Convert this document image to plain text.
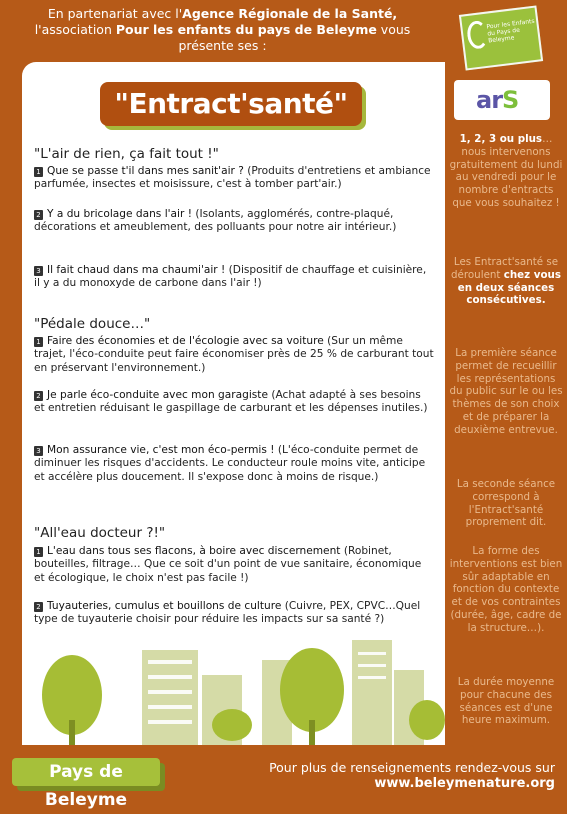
En partenariat avec l'Agence Régionale de la Santé,
l'association Pour les enfants du pays de Beleyme vous
présente ses :
"Entract'santé"
"L'air de rien, ça fait tout !"
1 Que se passe t'il dans mes sanit'air ? (Produits d'entretiens et ambiance parfumée, insectes et moisissure, c'est à tomber part'air.)
2 Y a du bricolage dans l'air ! (Isolants, agglomérés, contre-plaqué, décorations et ameublement, des polluants pour notre air intérieur.)
3 Il fait chaud dans ma chaumi'air ! (Dispositif de chauffage et cuisinière, il y a du monoxyde de carbone dans l'air !)
"Pédale douce…"
1 Faire des économies et de l'écologie avec sa voiture (Sur un même trajet, l'éco-conduite peut faire économiser près de 25 % de carburant tout en préservant l'environnement.)
2 Je parle éco-conduite avec mon garagiste (Achat adapté à ses besoins et entretien réduisant le gaspillage de carburant et les dépenses inutiles.)
3 Mon assurance vie, c'est mon éco-permis ! (L'éco-conduite permet de diminuer les risques d'accidents. Le conducteur roule moins vite, anticipe et accélère plus doucement. Il s'expose donc à moins de risque.)
"All'eau docteur ?!"
1 L'eau dans tous ses flacons, à boire avec discernement (Robinet, bouteilles, filtrage… Que ce soit d'un point de vue sanitaire, économique et écologique, le choix n'est pas facile !)
2 Tuyauteries, cumulus et bouillons de culture (Cuivre, PEX, CPVC…Quel type de tuyauterie choisir pour réduire les impacts sur sa santé ?)
Pour les Enfants du Pays de Beleyme
arS
1, 2, 3 ou plus… nous intervenons gratuitement du lundi au vendredi pour le nombre d'entracts que vous souhaitez !
Les Entract'santé se déroulent chez vous en deux séances consécutives.
La première séance permet de recueillir les représentations du public sur le ou les thèmes de son choix et de préparer la deuxième entrevue.
La seconde séance correspond à l'Entract'santé proprement dit.
La forme des interventions est bien sûr adaptable en fonction du contexte et de vos contraintes (durée, âge, cadre de la structure…).
La durée moyenne pour chacune des séances est d'une heure maximum.
Pays de Beleyme
Pour plus de renseignements rendez-vous sur
www.beleymenature.org
